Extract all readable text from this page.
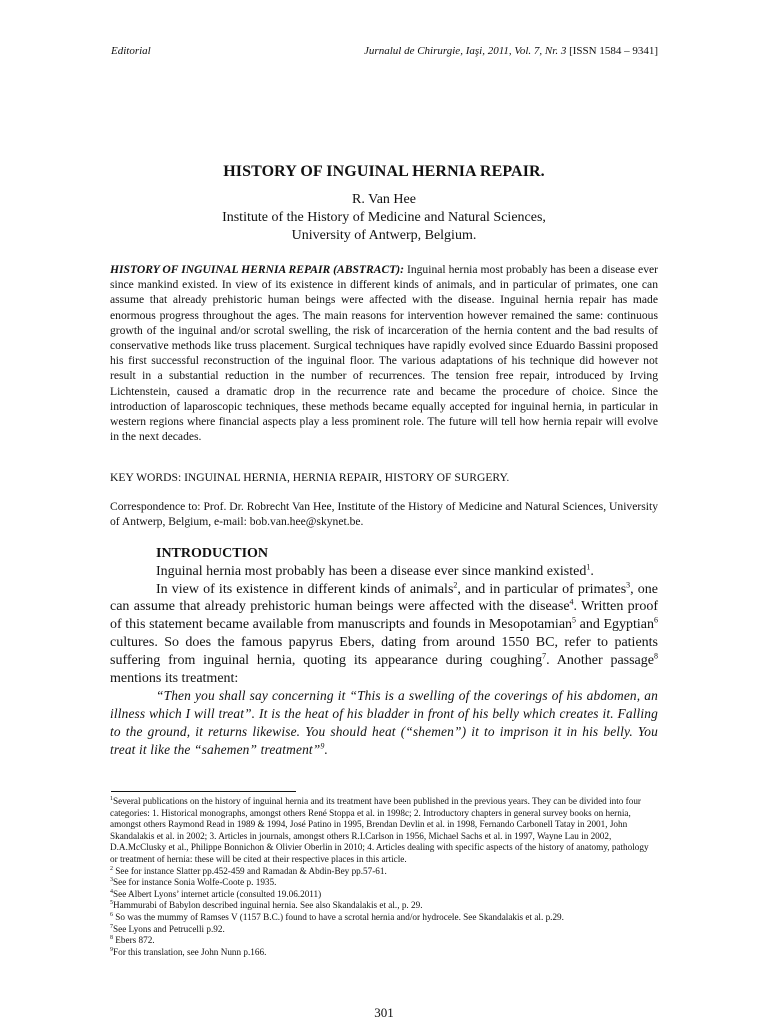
Editorial	Jurnalul de Chirurgie, Iaşi, 2011, Vol. 7, Nr. 3 [ISSN 1584 – 9341]
HISTORY OF INGUINAL HERNIA REPAIR.
R. Van Hee
Institute of the History of Medicine and Natural Sciences,
University of Antwerp, Belgium.
HISTORY OF INGUINAL HERNIA REPAIR (ABSTRACT): Inguinal hernia most probably has been a disease ever since mankind existed. In view of its existence in different kinds of animals, and in particular of primates, one can assume that already prehistoric human beings were affected with the disease. Inguinal hernia repair has made enormous progress throughout the ages. The main reasons for intervention however remained the same: continuous growth of the inguinal and/or scrotal swelling, the risk of incarceration of the hernia content and the bad results of conservative methods like truss placement. Surgical techniques have rapidly evolved since Eduardo Bassini proposed his first successful reconstruction of the inguinal floor. The various adaptations of his technique did however not result in a substantial reduction in the number of recurrences. The tension free repair, introduced by Irving Lichtenstein, caused a dramatic drop in the recurrence rate and became the procedure of choice. Since the introduction of laparoscopic techniques, these methods became equally accepted for inguinal hernia, in particular in western regions where financial aspects play a less prominent role. The future will tell how hernia repair will evolve in the next decades.
KEY WORDS: INGUINAL HERNIA, HERNIA REPAIR, HISTORY OF SURGERY.
Correspondence to: Prof. Dr. Robrecht Van Hee, Institute of the History of Medicine and Natural Sciences, University of Antwerp, Belgium, e-mail: bob.van.hee@skynet.be.
INTRODUCTION

Inguinal hernia most probably has been a disease ever since mankind existed$^1$.

In view of its existence in different kinds of animals$^2$, and in particular of primates$^3$, one can assume that already prehistoric human beings were affected with the disease$^4$. Written proof of this statement became available from manuscripts and founds in Mesopotamian$^5$ and Egyptian$^6$ cultures. So does the famous papyrus Ebers, dating from around 1550 BC, refer to patients suffering from inguinal hernia, quoting its appearance during coughing$^7$. Another passage$^8$ mentions its treatment:

“Then you shall say concerning it “This is a swelling of the coverings of his abdomen, an illness which I will treat”. It is the heat of his bladder in front of his belly which creates it. Falling to the ground, it returns likewise. You should heat (“shemen”) it to imprison it in his belly. You treat it like the “sahemen” treatment”$^9$.

$^1$Several publications on the history of inguinal hernia and its treatment have been published in the previous years. They can be divided into four categories: 1. Historical monographs, amongst others René Stoppa et al. in 1998c; 2. Introductory chapters in general survey books on hernia, amongst others Raymond Read in 1989 & 1994, José Patino in 1995, Brendan Devlin et al. in 1998, Fernando Carbonell Tatay in 2001, John Skandalakis et al. in 2002; 3. Articles in journals, amongst others R.I.Carlson in 1956, Michael Sachs et al. in 1997, Wayne Lau in 2002, D.A.McClusky et al., Philippe Bonnichon & Olivier Oberlin in 2010; 4. Articles dealing with specific aspects of the history of anatomy, pathology or treatment of hernia: these will be cited at their respective places in this article.
$^2$ See for instance Slatter pp.452-459 and Ramadan & Abdin-Bey pp.57-61.
$^3$See for instance Sonia Wolfe-Coote p. 1935.
$^4$See Albert Lyons’ internet article (consulted 19.06.2011)
$^5$Hammurabi of Babylon described inguinal hernia. See also Skandalakis et al., p. 29.
$^6$ So was the mummy of Ramses V (1157 B.C.) found to have a scrotal hernia and/or hydrocele. See Skandalakis et al. p.29.
$^7$See Lyons and Petrucelli p.92.
$^8$ Ebers 872.
$^9$For this translation, see John Nunn p.166.
301
